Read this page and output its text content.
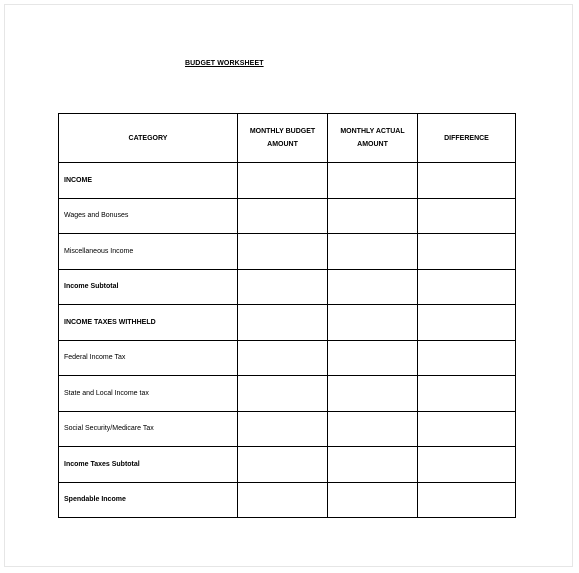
BUDGET WORKSHEET
CATEGORY	MONTHLY BUDGET AMOUNT	MONTHLY ACTUAL AMOUNT	DIFFERENCE
INCOME			
Wages and Bonuses			
Miscellaneous Income			
Income Subtotal			
INCOME TAXES WITHHELD			
Federal Income Tax			
State and Local Income tax			
Social Security/Medicare Tax			
Income Taxes Subtotal			
Spendable Income			
